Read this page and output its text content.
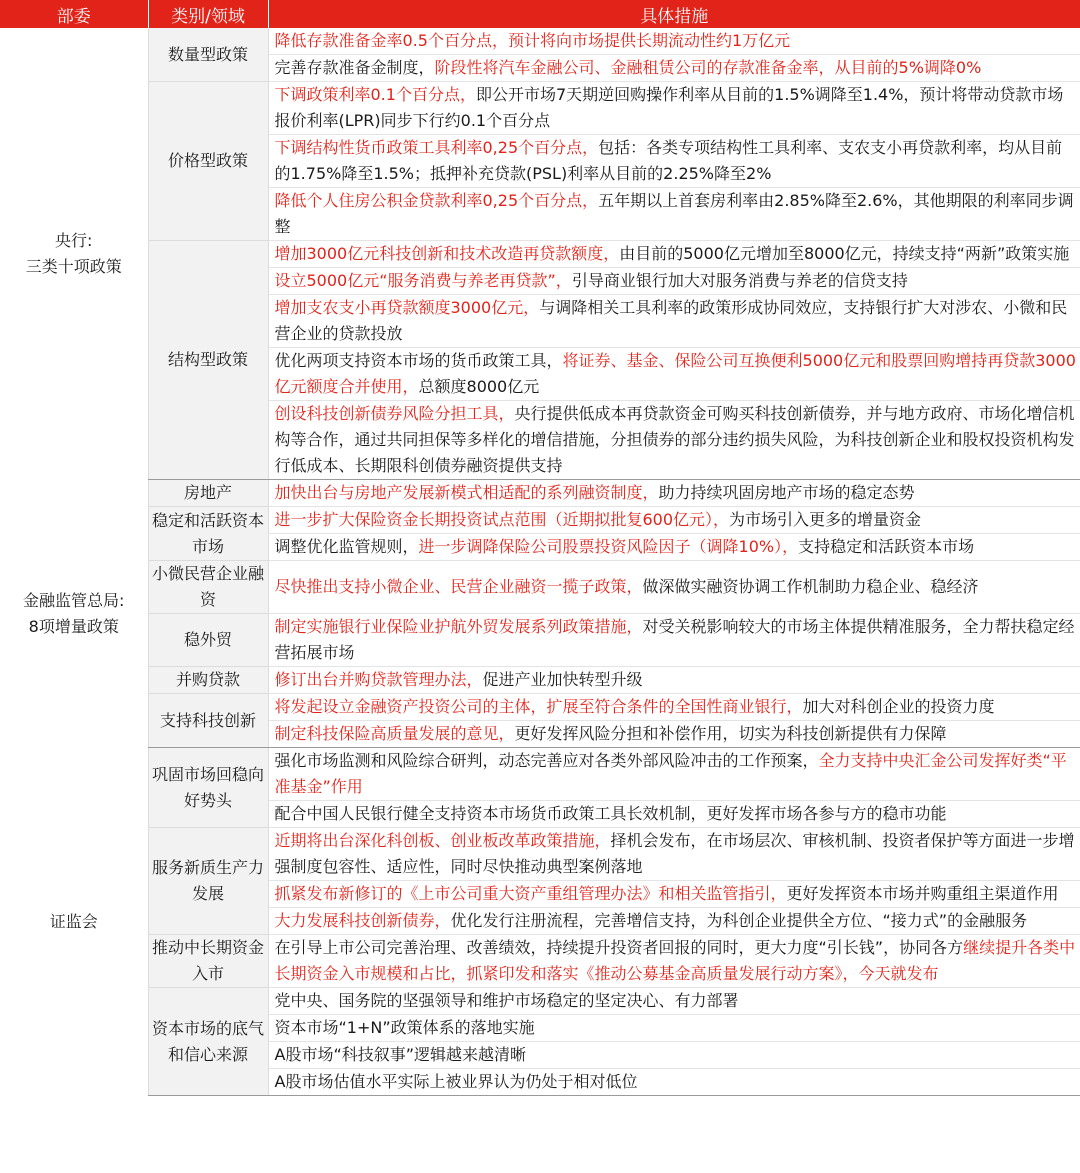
部委	类别/领域	具体措施

央行:
三类十项政策	数量型政策	降低存款准备金率0.5个百分点，预计将向市场提供长期流动性约1万亿元
		完善存款准备金制度，阶段性将汽车金融公司、金融租赁公司的存款准备金率，从目前的5%调降0%
	价格型政策	下调政策利率0.1个百分点，即公开市场7天期逆回购操作利率从目前的1.5%调降至1.4%，预计将带动贷款市场报价利率(LPR)同步下行约0.1个百分点
		下调结构性货币政策工具利率0,25个百分点，包括：各类专项结构性工具利率、支农支小再贷款利率，均从目前的1.75%降至1.5%；抵押补充贷款(PSL)利率从目前的2.25%降至2%
		降低个人住房公积金贷款利率0,25个百分点，五年期以上首套房利率由2.85%降至2.6%，其他期限的利率同步调整
	结构型政策	增加3000亿元科技创新和技术改造再贷款额度，由目前的5000亿元增加至8000亿元，持续支持“两新”政策实施
		设立5000亿元“服务消费与养老再贷款”，引导商业银行加大对服务消费与养老的信贷支持
		增加支农支小再贷款额度3000亿元，与调降相关工具利率的政策形成协同效应，支持银行扩大对涉农、小微和民营企业的贷款投放
		优化两项支持资本市场的货币政策工具，将证券、基金、保险公司互换便利5000亿元和股票回购增持再贷款3000亿元额度合并使用，总额度8000亿元
		创设科技创新债券风险分担工具，央行提供低成本再贷款资金可购买科技创新债券，并与地方政府、市场化增信机构等合作，通过共同担保等多样化的增信措施，分担债券的部分违约损失风险，为科技创新企业和股权投资机构发行低成本、长期限科创债券融资提供支持

金融监管总局:
8项增量政策	房地产	加快出台与房地产发展新模式相适配的系列融资制度，助力持续巩固房地产市场的稳定态势
	稳定和活跃资本市场	进一步扩大保险资金长期投资试点范围（近期拟批复600亿元），为市场引入更多的增量资金
		调整优化监管规则，进一步调降保险公司股票投资风险因子（调降10%），支持稳定和活跃资本市场
	小微民营企业融资	尽快推出支持小微企业、民营企业融资一揽子政策，做深做实融资协调工作机制助力稳企业、稳经济
	稳外贸	制定实施银行业保险业护航外贸发展系列政策措施，对受关税影响较大的市场主体提供精准服务，全力帮扶稳定经营拓展市场
	并购贷款	修订出台并购贷款管理办法，促进产业加快转型升级
	支持科技创新	将发起设立金融资产投资公司的主体，扩展至符合条件的全国性商业银行，加大对科创企业的投资力度
		制定科技保险高质量发展的意见，更好发挥风险分担和补偿作用，切实为科技创新提供有力保障

证监会	巩固市场回稳向好势头	强化市场监测和风险综合研判，动态完善应对各类外部风险冲击的工作预案，全力支持中央汇金公司发挥好类“平准基金”作用
		配合中国人民银行健全支持资本市场货币政策工具长效机制，更好发挥市场各参与方的稳市功能
	服务新质生产力发展	近期将出台深化科创板、创业板改革政策措施，择机会发布，在市场层次、审核机制、投资者保护等方面进一步增强制度包容性、适应性，同时尽快推动典型案例落地
		抓紧发布新修订的《上市公司重大资产重组管理办法》和相关监管指引，更好发挥资本市场并购重组主渠道作用
		大力发展科技创新债券，优化发行注册流程，完善增信支持，为科创企业提供全方位、“接力式”的金融服务
	推动中长期资金入市	在引导上市公司完善治理、改善绩效，持续提升投资者回报的同时，更大力度“引长钱”，协同各方继续提升各类中长期资金入市规模和占比，抓紧印发和落实《推动公募基金高质量发展行动方案》，今天就发布
	资本市场的底气和信心来源	党中央、国务院的坚强领导和维护市场稳定的坚定决心、有力部署
		资本市场“1+N”政策体系的落地实施
		A股市场“科技叙事”逻辑越来越清晰
		A股市场估值水平实际上被业界认为仍处于相对低位
